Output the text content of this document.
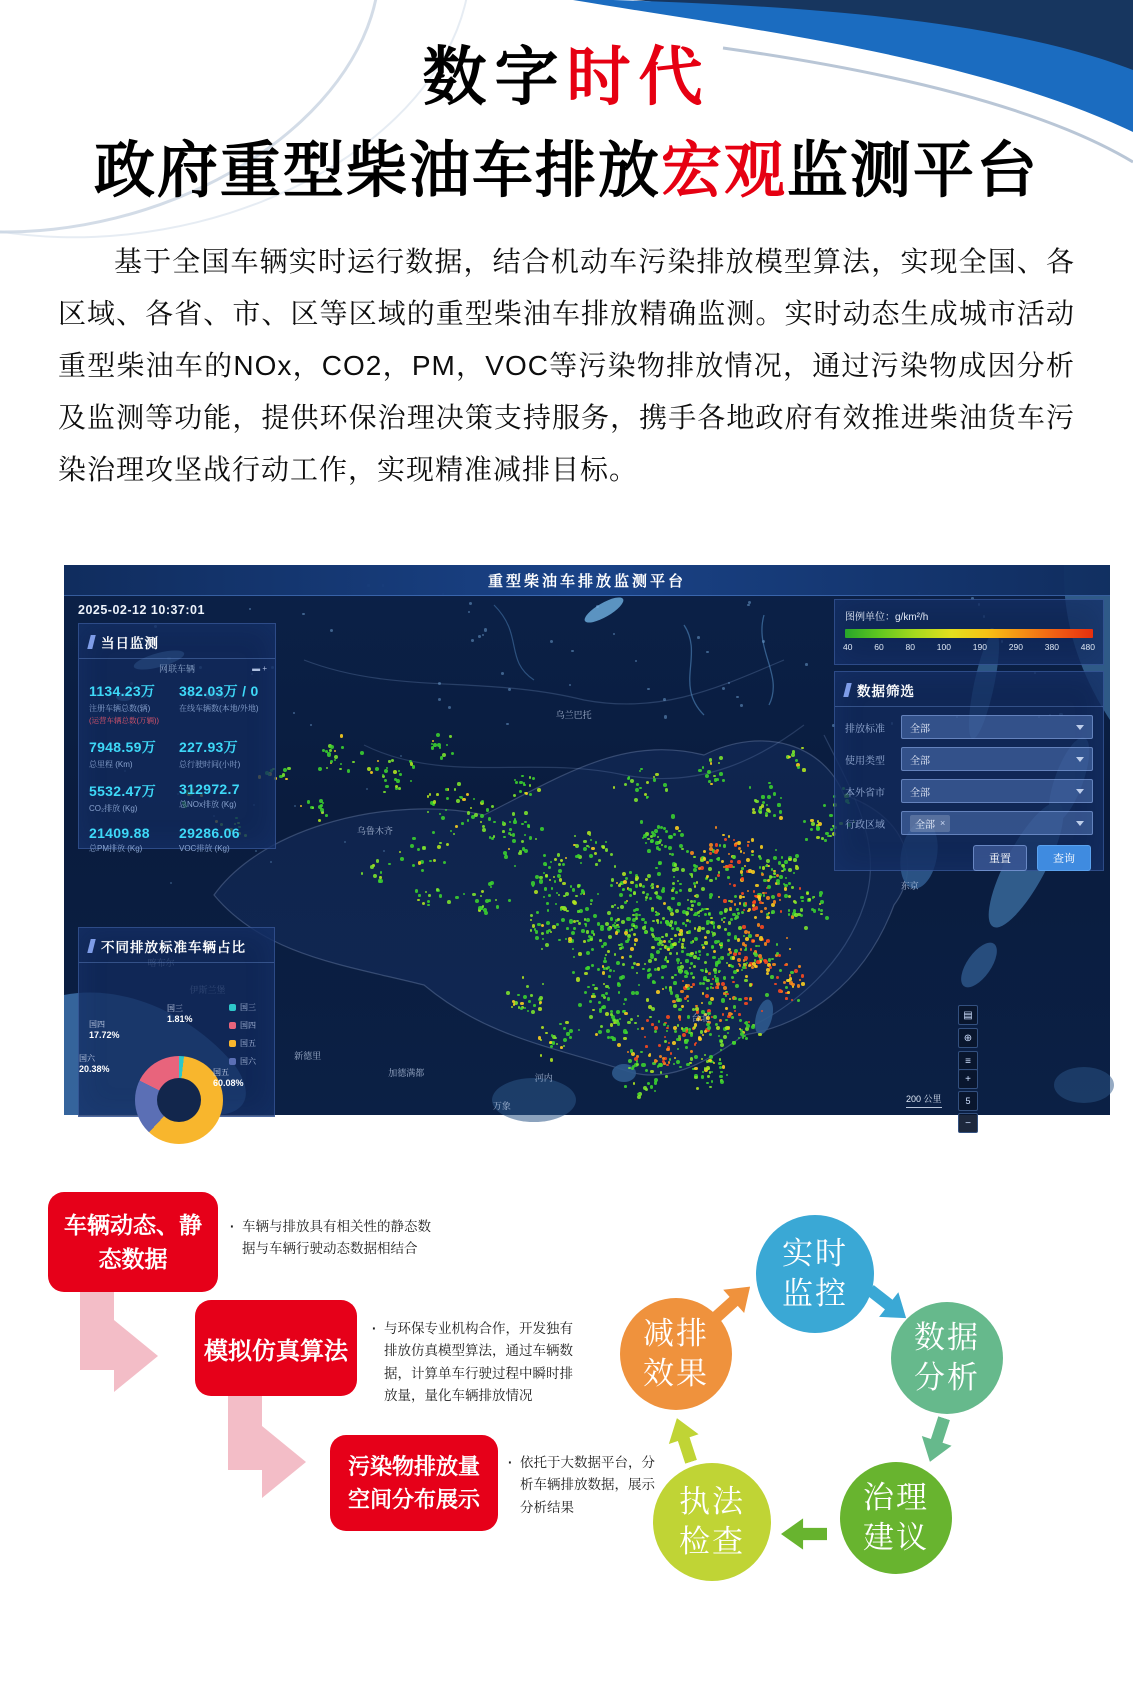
数字时代
政府重型柴油车排放宏观监测平台

基于全国车辆实时运行数据，结合机动车污染排放模型算法，实现全国、各区域、各省、市、区等区域的重型柴油车排放精确监测。实时动态生成城市活动重型柴油车的NOx，CO2，PM，VOC等污染物排放情况，通过污染物成因分析及监测等功能，提供环保治理决策支持服务，携手各地政府有效推进柴油货车污染治理攻坚战行动工作，实现精准减排目标。

乌兰巴托
乌鲁木齐
新德里
加德满都
万象
河内
台北
东京
重型柴油车排放监测平台
2025-02-12 10:37:01
当日监测
网联车辆	▬ +
1134.23万
注册车辆总数(辆)
(运营车辆总数(万辆))
382.03万 / 0
在线车辆数(本地/外地)
7948.59万
总里程 (Km)
227.93万
总行驶时间(小时)
5532.47万
CO₂排放 (Kg)
312972.7
总NOx排放 (Kg)
21409.88
总PM排放 (Kg)
29286.06
VOC排放 (Kg)
图例单位：g/km²/h
40	60	80	100	190	290	380	480
数据筛选
排放标准	全部
使用类型	全部
本外省市	全部
行政区域	全部 ×
重置	查询
不同排放标准车辆占比
国三
国四
国五
国六
国三
1.81%
国五
60.08%
国六
20.38%
国四
17.72%
▤
⊕
≡
+
5
−
200 公里
车辆动态、静态数据
· 车辆与排放具有相关性的静态数据与车辆行驶动态数据相结合
模拟仿真算法
· 与环保专业机构合作，开发独有排放仿真模型算法，通过车辆数据，计算单车行驶过程中瞬时排放量，量化车辆排放情况
污染物排放量空间分布展示
· 依托于大数据平台，分析车辆排放数据，展示分析结果
实时监控
数据分析
治理建议
执法检查
减排效果
